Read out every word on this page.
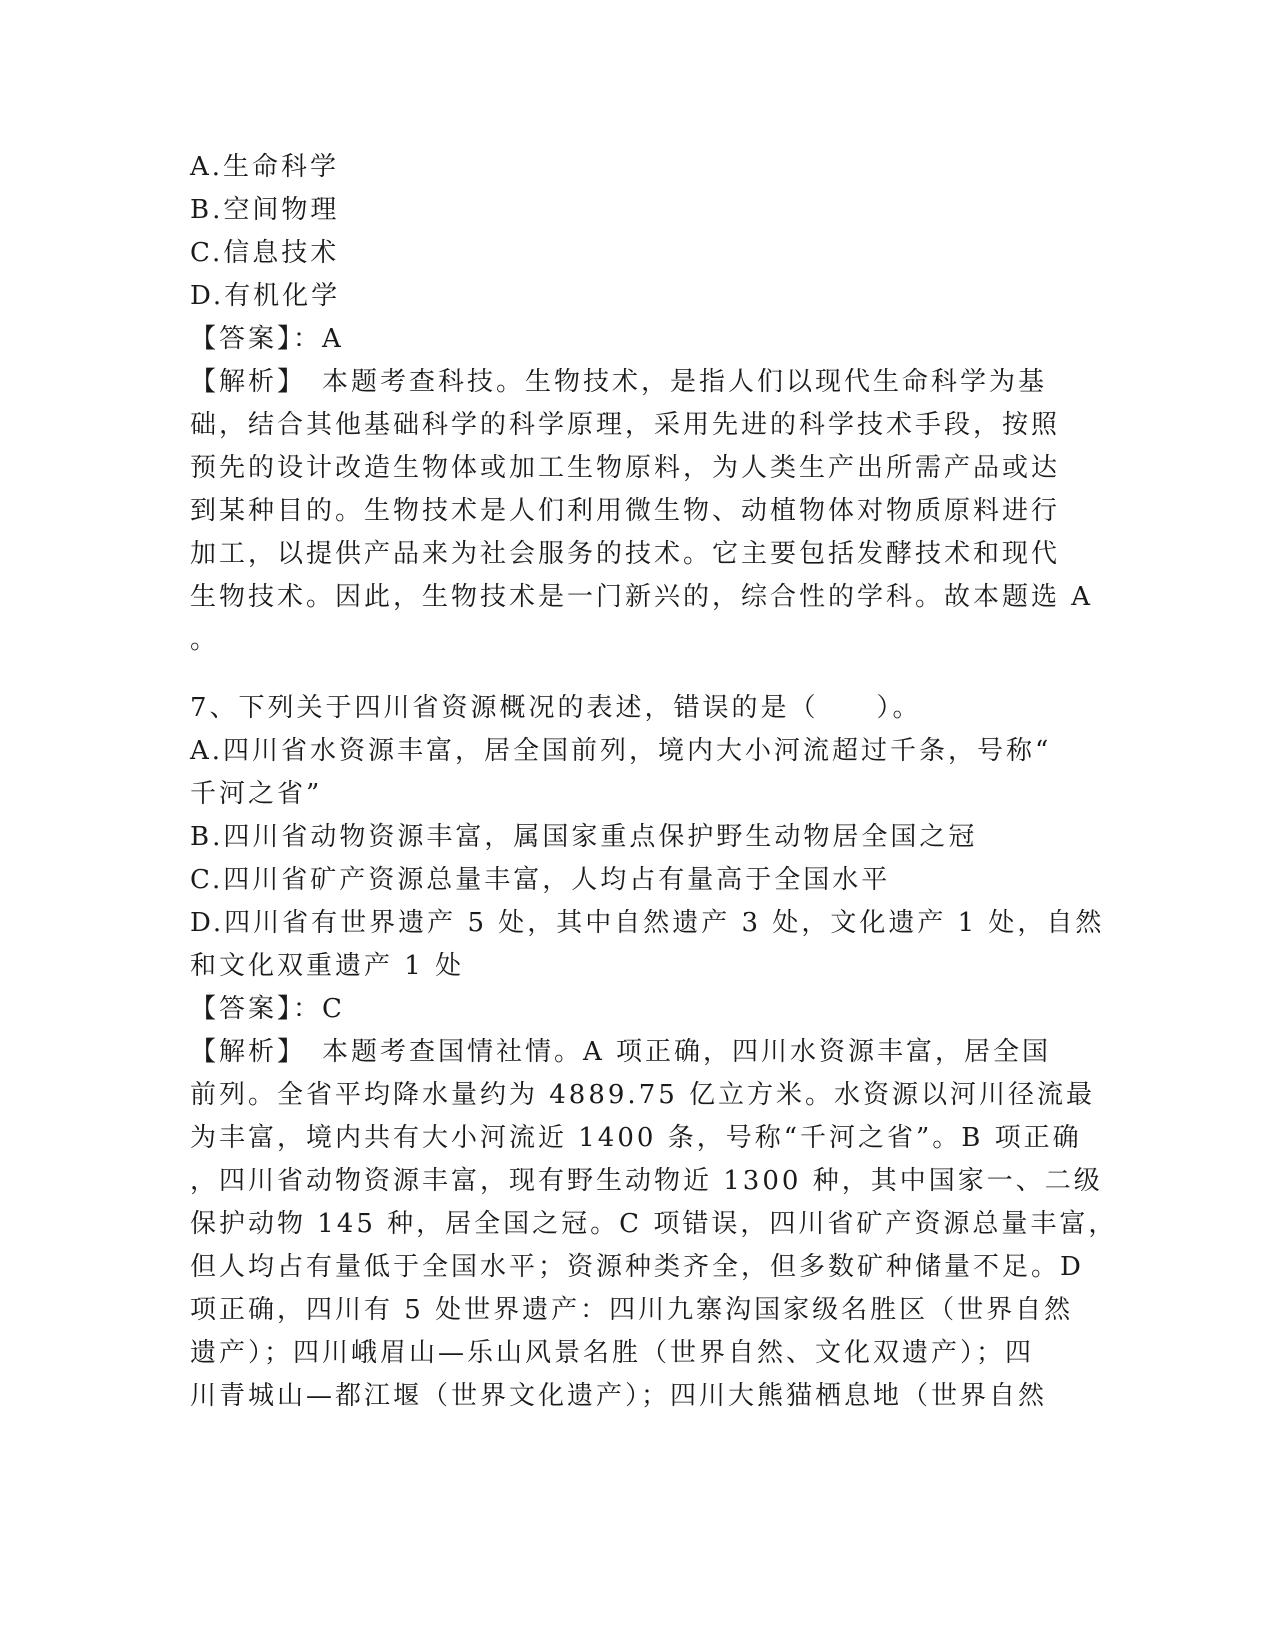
A.生命科学
B.空间物理
C.信息技术
D.有机化学
【答案】：A
【解析】　本题考查科技。生物技术，是指人们以现代生命科学为基
础，结合其他基础科学的科学原理，采用先进的科学技术手段，按照
预先的设计改造生物体或加工生物原料，为人类生产出所需产品或达
到某种目的。生物技术是人们利用微生物、动植物体对物质原料进行
加工，以提供产品来为社会服务的技术。它主要包括发酵技术和现代
生物技术。因此，生物技术是一门新兴的，综合性的学科。故本题选 A
。
7、下列关于四川省资源概况的表述，错误的是（　　）。
A.四川省水资源丰富，居全国前列，境内大小河流超过千条，号称“
千河之省”
B.四川省动物资源丰富，属国家重点保护野生动物居全国之冠
C.四川省矿产资源总量丰富，人均占有量高于全国水平
D.四川省有世界遗产 5 处，其中自然遗产 3 处，文化遗产 1 处，自然
和文化双重遗产 1 处
【答案】：C
【解析】　本题考查国情社情。A 项正确，四川水资源丰富，居全国
前列。全省平均降水量约为 4889.75 亿立方米。水资源以河川径流最
为丰富，境内共有大小河流近 1400 条，号称“千河之省”。B 项正确
，四川省动物资源丰富，现有野生动物近 1300 种，其中国家一、二级
保护动物 145 种，居全国之冠。C 项错误，四川省矿产资源总量丰富，
但人均占有量低于全国水平；资源种类齐全，但多数矿种储量不足。D
项正确，四川有 5 处世界遗产：四川九寨沟国家级名胜区（世界自然
遗产）；四川峨眉山—乐山风景名胜（世界自然、文化双遗产）；四
川青城山—都江堰（世界文化遗产）；四川大熊猫栖息地（世界自然
